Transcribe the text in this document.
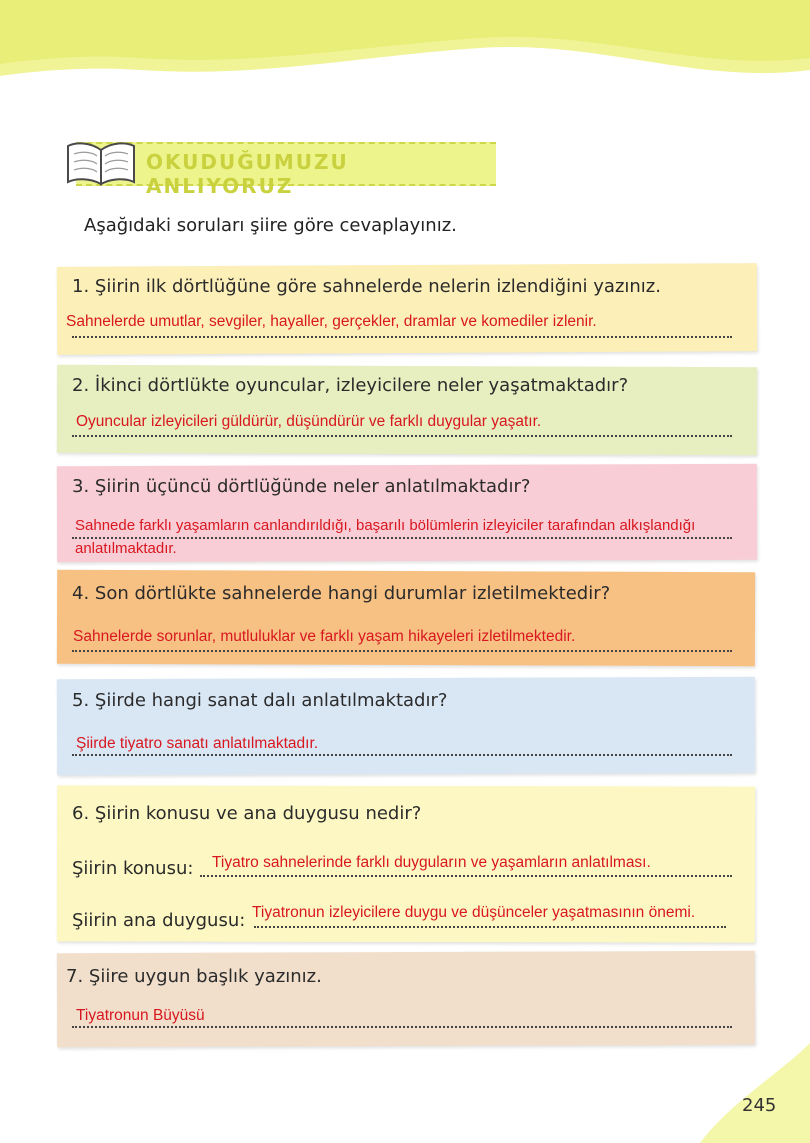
OKUDUĞUMUZU ANLIYORUZ
Aşağıdaki soruları şiire göre cevaplayınız.
1. Şiirin ilk dörtlüğüne göre sahnelerde nelerin izlendiğini yazınız.
Sahnelerde umutlar, sevgiler, hayaller, gerçekler, dramlar ve komediler izlenir.
2. İkinci dörtlükte oyuncular, izleyicilere neler yaşatmaktadır?
Oyuncular izleyicileri güldürür, düşündürür ve farklı duygular yaşatır.
3. Şiirin üçüncü dörtlüğünde neler anlatılmaktadır?
Sahnede farklı yaşamların canlandırıldığı, başarılı bölümlerin izleyiciler tarafından alkışlandığı
anlatılmaktadır.
4. Son dörtlükte sahnelerde hangi durumlar izletilmektedir?
Sahnelerde sorunlar, mutluluklar ve farklı yaşam hikayeleri izletilmektedir.
5. Şiirde hangi sanat dalı anlatılmaktadır?
Şiirde tiyatro sanatı anlatılmaktadır.
6. Şiirin konusu ve ana duygusu nedir?
Şiirin konusu: Tiyatro sahnelerinde farklı duyguların ve yaşamların anlatılması.
Şiirin ana duygusu: Tiyatronun izleyicilere duygu ve düşünceler yaşatmasının önemi.
7. Şiire uygun başlık yazınız.
Tiyatronun Büyüsü
245
